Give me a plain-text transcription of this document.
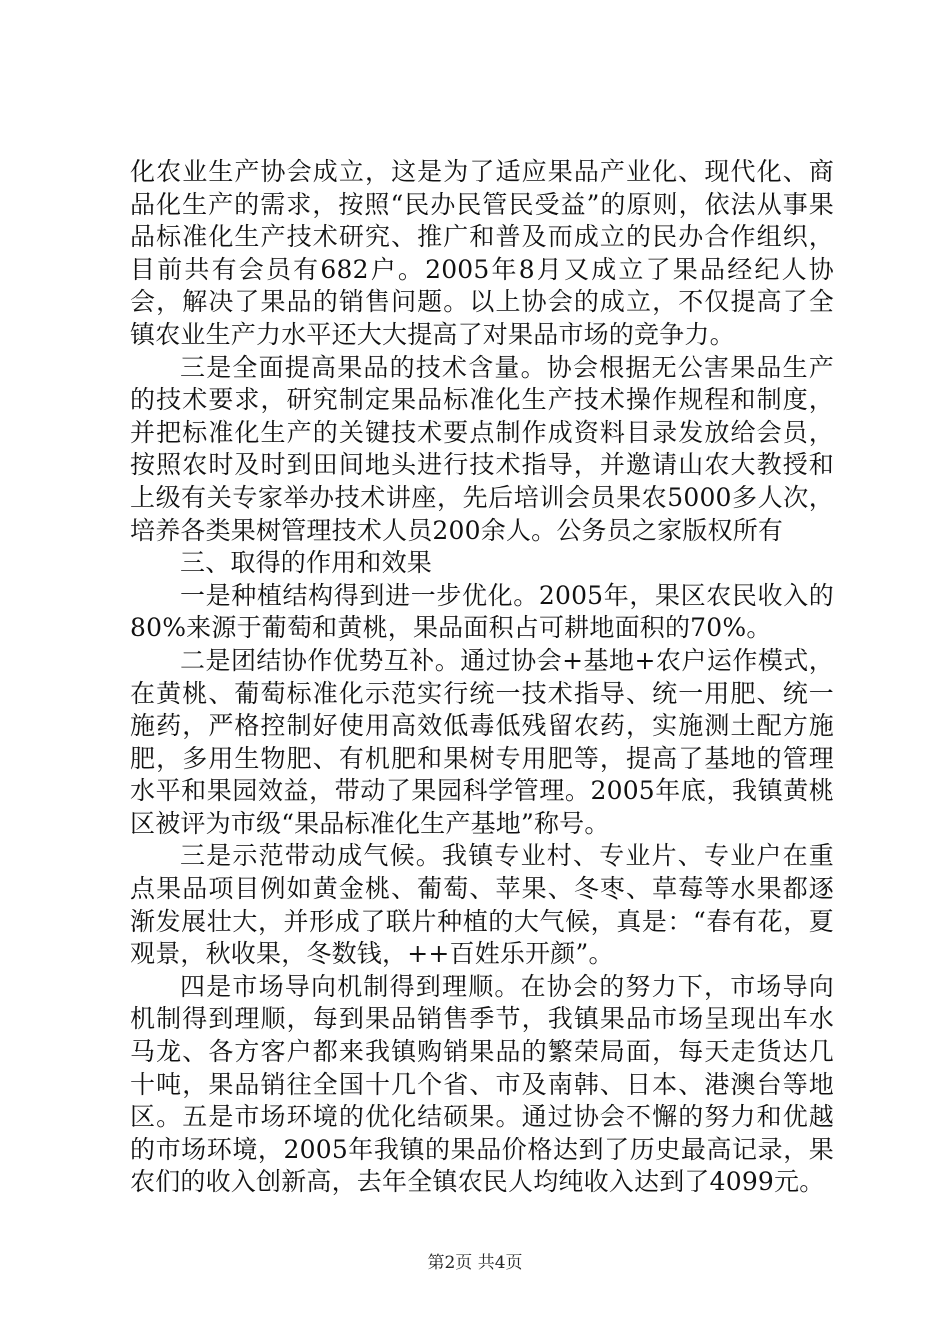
化农业生产协会成立，这是为了适应果品产业化、现代化、商品化生产的需求，按照“民办民管民受益”的原则，依法从事果品标准化生产技术研究、推广和普及而成立的民办合作组织，目前共有会员有682户。2005年8月又成立了果品经纪人协会，解决了果品的销售问题。以上协会的成立，不仅提高了全镇农业生产力水平还大大提高了对果品市场的竞争力。

三是全面提高果品的技术含量。协会根据无公害果品生产的技术要求，研究制定果品标准化生产技术操作规程和制度，并把标准化生产的关键技术要点制作成资料目录发放给会员，按照农时及时到田间地头进行技术指导，并邀请山农大教授和上级有关专家举办技术讲座，先后培训会员果农5000多人次，培养各类果树管理技术人员200余人。公务员之家版权所有

三、取得的作用和效果

一是种植结构得到进一步优化。2005年，果区农民收入的80%来源于葡萄和黄桃，果品面积占可耕地面积的70%。

二是团结协作优势互补。通过协会+基地+农户运作模式，在黄桃、葡萄标准化示范实行统一技术指导、统一用肥、统一施药，严格控制好使用高效低毒低残留农药，实施测土配方施肥，多用生物肥、有机肥和果树专用肥等，提高了基地的管理水平和果园效益，带动了果园科学管理。2005年底，我镇黄桃区被评为市级“果品标准化生产基地”称号。

三是示范带动成气候。我镇专业村、专业片、专业户在重点果品项目例如黄金桃、葡萄、苹果、冬枣、草莓等水果都逐渐发展壮大，并形成了联片种植的大气候，真是：“春有花，夏观景，秋收果，冬数钱，++百姓乐开颜”。

四是市场导向机制得到理顺。在协会的努力下，市场导向机制得到理顺，每到果品销售季节，我镇果品市场呈现出车水马龙、各方客户都来我镇购销果品的繁荣局面，每天走货达几十吨，果品销往全国十几个省、市及南韩、日本、港澳台等地区。五是市场环境的优化结硕果。通过协会不懈的努力和优越的市场环境，2005年我镇的果品价格达到了历史最高记录，果农们的收入创新高，去年全镇农民人均纯收入达到了4099元。

第2页 共4页
